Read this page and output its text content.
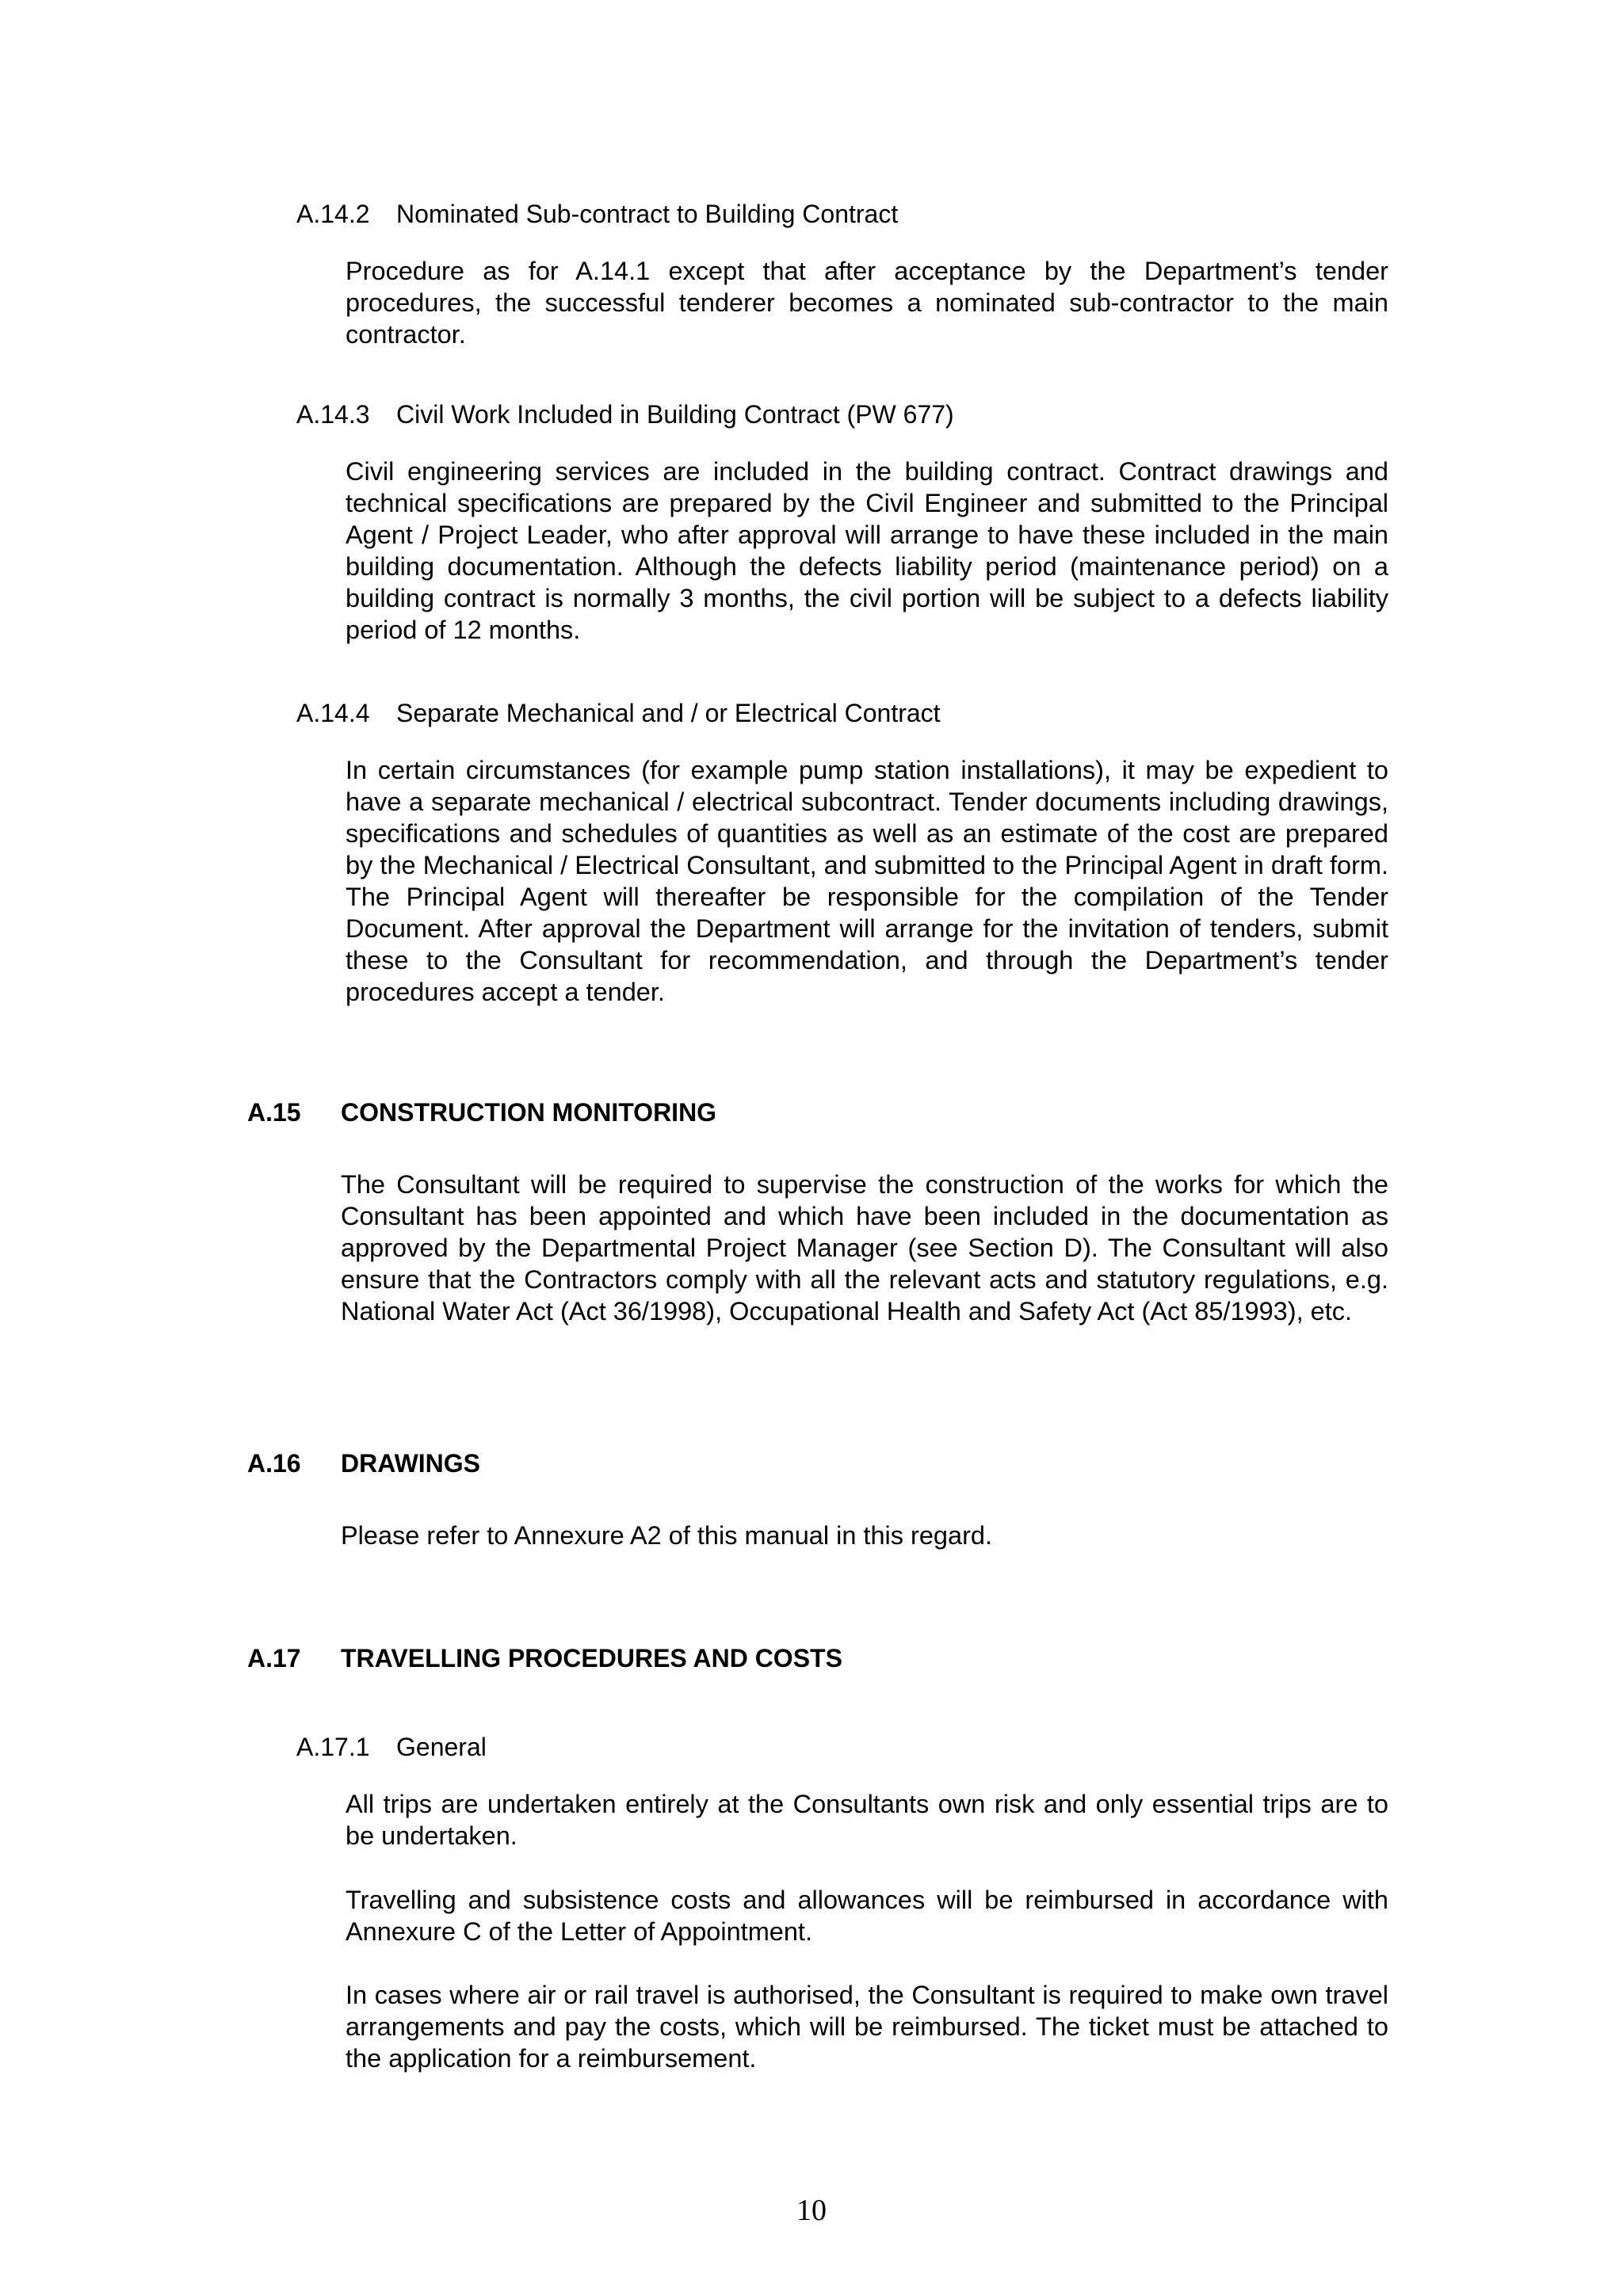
A.14.2 Nominated Sub-contract to Building Contract

Procedure as for A.14.1 except that after acceptance by the Department’s tender procedures, the successful tenderer becomes a nominated sub-contractor to the main contractor.

A.14.3 Civil Work Included in Building Contract (PW 677)

Civil engineering services are included in the building contract. Contract drawings and technical specifications are prepared by the Civil Engineer and submitted to the Principal Agent / Project Leader, who after approval will arrange to have these included in the main building documentation. Although the defects liability period (maintenance period) on a building contract is normally 3 months, the civil portion will be subject to a defects liability period of 12 months.

A.14.4 Separate Mechanical and / or Electrical Contract

In certain circumstances (for example pump station installations), it may be expedient to have a separate mechanical / electrical subcontract. Tender documents including drawings, specifications and schedules of quantities as well as an estimate of the cost are prepared by the Mechanical / Electrical Consultant, and submitted to the Principal Agent in draft form. The Principal Agent will thereafter be responsible for the compilation of the Tender Document. After approval the Department will arrange for the invitation of tenders, submit these to the Consultant for recommendation, and through the Department’s tender procedures accept a tender.

A.15 CONSTRUCTION MONITORING

The Consultant will be required to supervise the construction of the works for which the Consultant has been appointed and which have been included in the documentation as approved by the Departmental Project Manager (see Section D). The Consultant will also ensure that the Contractors comply with all the relevant acts and statutory regulations, e.g. National Water Act (Act 36/1998), Occupational Health and Safety Act (Act 85/1993), etc.

A.16 DRAWINGS

Please refer to Annexure A2 of this manual in this regard.

A.17 TRAVELLING PROCEDURES AND COSTS
A.17.1 General

All trips are undertaken entirely at the Consultants own risk and only essential trips are to be undertaken.

Travelling and subsistence costs and allowances will be reimbursed in accordance with Annexure C of the Letter of Appointment.

In cases where air or rail travel is authorised, the Consultant is required to make own travel arrangements and pay the costs, which will be reimbursed. The ticket must be attached to the application for a reimbursement.

10
